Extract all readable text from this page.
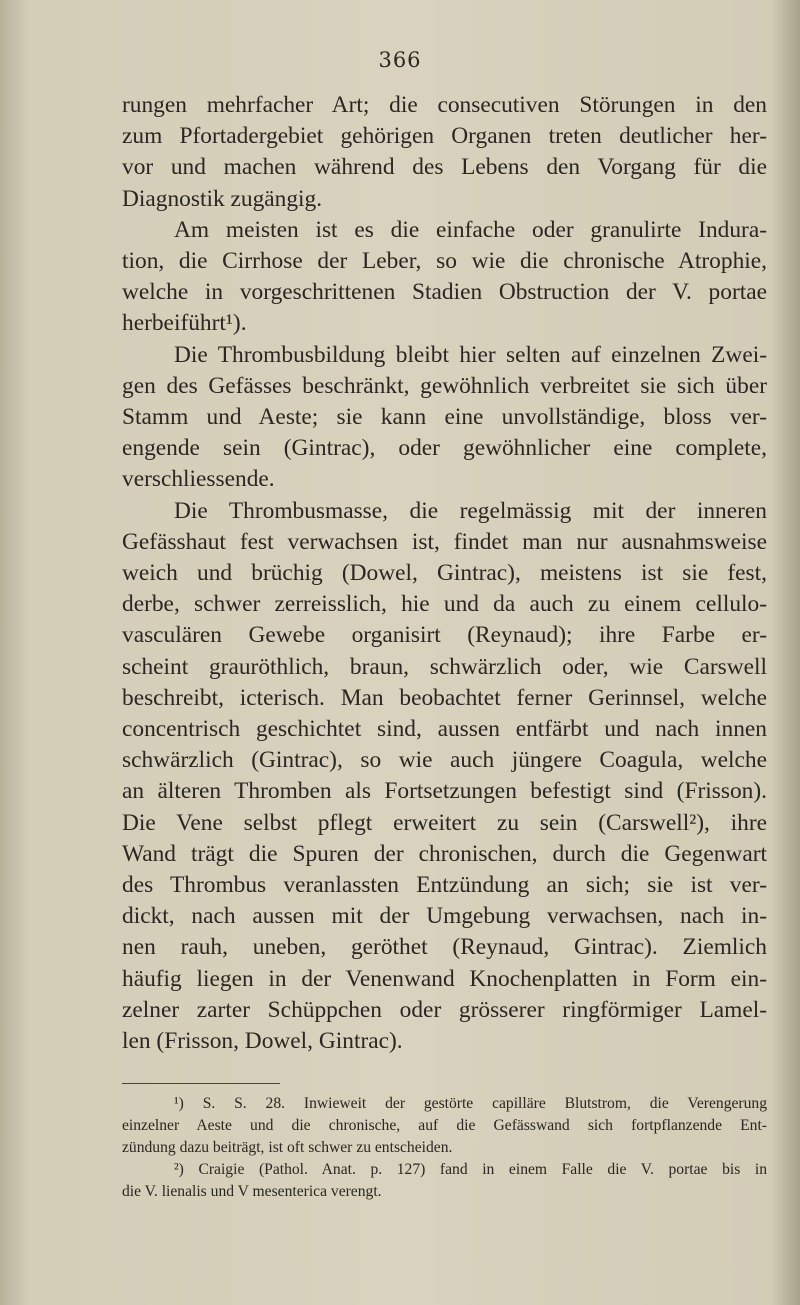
366
rungen mehrfacher Art; die consecutiven Störungen in den
zum Pfortadergebiet gehörigen Organen treten deutlicher her-
vor und machen während des Lebens den Vorgang für die
Diagnostik zugängig.
Am meisten ist es die einfache oder granulirte Indura-
tion, die Cirrhose der Leber, so wie die chronische Atrophie,
welche in vorgeschrittenen Stadien Obstruction der V. portae
herbeiführt¹).
Die Thrombusbildung bleibt hier selten auf einzelnen Zwei-
gen des Gefässes beschränkt, gewöhnlich verbreitet sie sich über
Stamm und Aeste; sie kann eine unvollständige, bloss ver-
engende sein (Gintrac), oder gewöhnlicher eine complete,
verschliessende.
Die Thrombusmasse, die regelmässig mit der inneren
Gefässhaut fest verwachsen ist, findet man nur ausnahmsweise
weich und brüchig (Dowel, Gintrac), meistens ist sie fest,
derbe, schwer zerreisslich, hie und da auch zu einem cellulo-
vasculären Gewebe organisirt (Reynaud); ihre Farbe er-
scheint grauröthlich, braun, schwärzlich oder, wie Carswell
beschreibt, icterisch. Man beobachtet ferner Gerinnsel, welche
concentrisch geschichtet sind, aussen entfärbt und nach innen
schwärzlich (Gintrac), so wie auch jüngere Coagula, welche
an älteren Thromben als Fortsetzungen befestigt sind (Frisson).
Die Vene selbst pflegt erweitert zu sein (Carswell²), ihre
Wand trägt die Spuren der chronischen, durch die Gegenwart
des Thrombus veranlassten Entzündung an sich; sie ist ver-
dickt, nach aussen mit der Umgebung verwachsen, nach in-
nen rauh, uneben, geröthet (Reynaud, Gintrac). Ziemlich
häufig liegen in der Venenwand Knochenplatten in Form ein-
zelner zarter Schüppchen oder grösserer ringförmiger Lamel-
len (Frisson, Dowel, Gintrac).
¹) S. S. 28. Inwieweit der gestörte capilläre Blutstrom, die Verengerung
einzelner Aeste und die chronische, auf die Gefässwand sich fortpflanzende Ent-
zündung dazu beiträgt, ist oft schwer zu entscheiden.
²) Craigie (Pathol. Anat. p. 127) fand in einem Falle die V. portae bis in
die V. lienalis und V mesenterica verengt.
